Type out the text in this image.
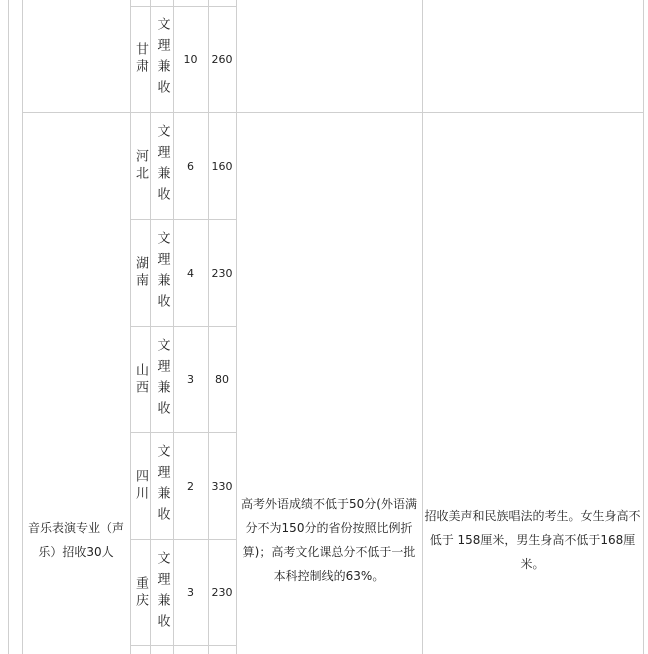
甘肃 文理兼收	10	260
音乐表演专业（声乐）招收30人
河北 文理兼收	6	160
湖南 文理兼收	4	230
山西 文理兼收	3	80
四川 文理兼收	2	330
重庆 文理兼收	3	230
高考外语成绩不低于50分(外语满分不为150分的省份按照比例折算)；高考文化课总分不低于一批本科控制线的63%。
招收美声和民族唱法的考生。女生身高不低于 158厘米，男生身高不低于168厘米。
